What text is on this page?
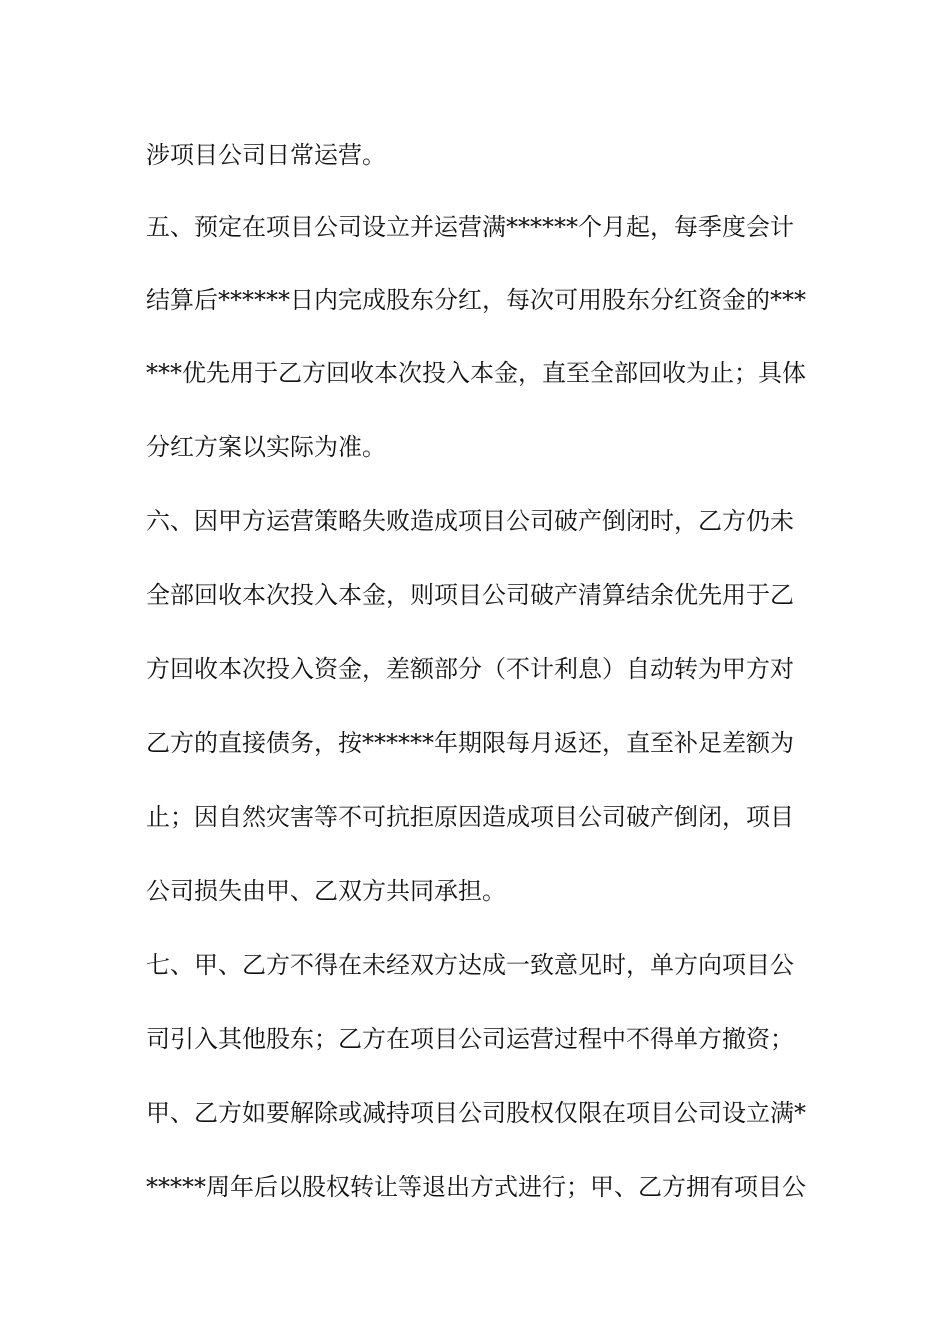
涉项目公司日常运营。
五、预定在项目公司设立并运营满******个月起，每季度会计
结算后******日内完成股东分红，每次可用股东分红资金的***
***优先用于乙方回收本次投入本金，直至全部回收为止；具体
分红方案以实际为准。
六、因甲方运营策略失败造成项目公司破产倒闭时，乙方仍未
全部回收本次投入本金，则项目公司破产清算结余优先用于乙
方回收本次投入资金，差额部分（不计利息）自动转为甲方对
乙方的直接债务，按******年期限每月返还，直至补足差额为
止；因自然灾害等不可抗拒原因造成项目公司破产倒闭，项目
公司损失由甲、乙双方共同承担。
七、甲、乙方不得在未经双方达成一致意见时，单方向项目公
司引入其他股东；乙方在项目公司运营过程中不得单方撤资；
甲、乙方如要解除或减持项目公司股权仅限在项目公司设立满*
*****周年后以股权转让等退出方式进行；甲、乙方拥有项目公
